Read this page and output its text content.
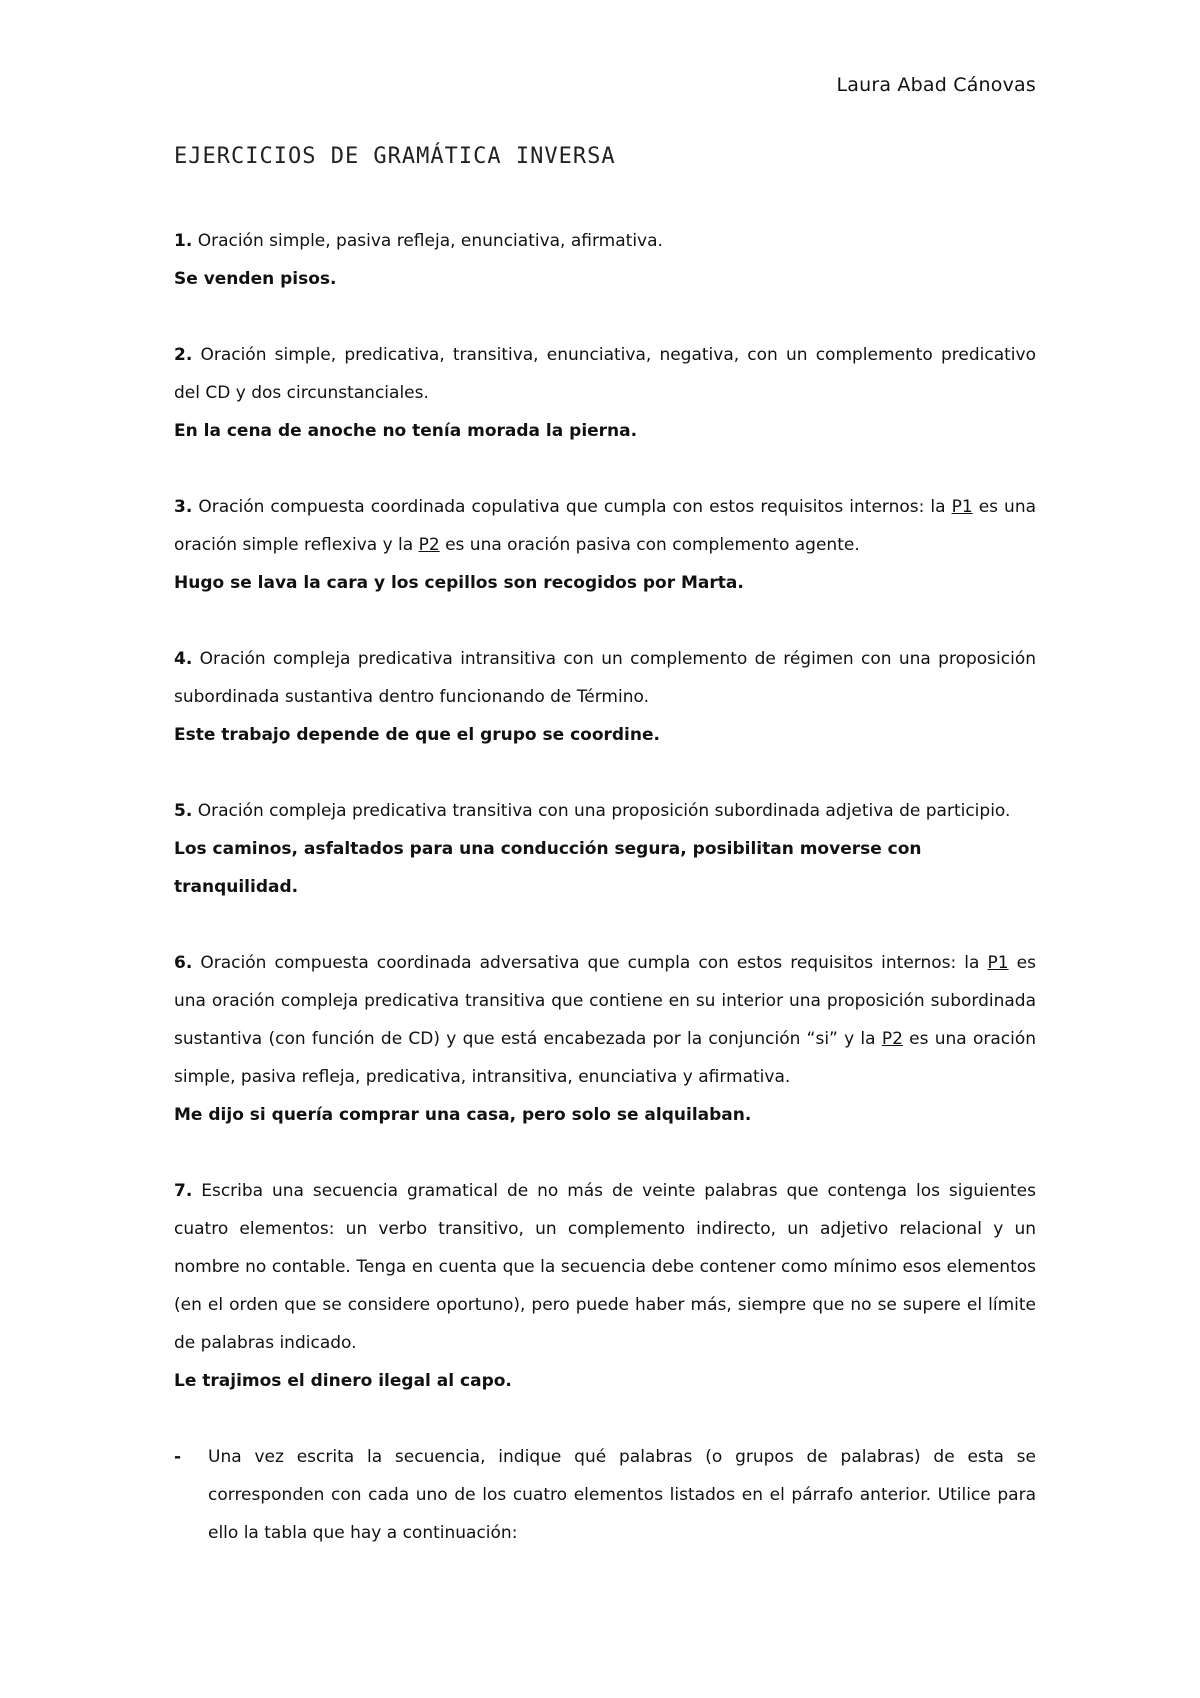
Laura Abad Cánovas
EJERCICIOS DE GRAMÁTICA INVERSA

1. Oración simple, pasiva refleja, enunciativa, afirmativa.

Se venden pisos.

2. Oración simple, predicativa, transitiva, enunciativa, negativa, con un complemento predicativo del CD y dos circunstanciales.

En la cena de anoche no tenía morada la pierna.

3. Oración compuesta coordinada copulativa que cumpla con estos requisitos internos: la P1 es una oración simple reflexiva y la P2 es una oración pasiva con complemento agente.

Hugo se lava la cara y los cepillos son recogidos por Marta.

4. Oración compleja predicativa intransitiva con un complemento de régimen con una proposición subordinada sustantiva dentro funcionando de Término.

Este trabajo depende de que el grupo se coordine.

5. Oración compleja predicativa transitiva con una proposición subordinada adjetiva de participio.

Los caminos, asfaltados para una conducción segura, posibilitan moverse con tranquilidad.

6. Oración compuesta coordinada adversativa que cumpla con estos requisitos internos: la P1 es una oración compleja predicativa transitiva que contiene en su interior una proposición subordinada sustantiva (con función de CD) y que está encabezada por la conjunción “si” y la P2 es una oración simple, pasiva refleja, predicativa, intransitiva, enunciativa y afirmativa.

Me dijo si quería comprar una casa, pero solo se alquilaban.

7. Escriba una secuencia gramatical de no más de veinte palabras que contenga los siguientes cuatro elementos: un verbo transitivo, un complemento indirecto, un adjetivo relacional y un nombre no contable. Tenga en cuenta que la secuencia debe contener como mínimo esos elementos (en el orden que se considere oportuno), pero puede haber más, siempre que no se supere el límite de palabras indicado.

Le trajimos el dinero ilegal al capo.

-	Una vez escrita la secuencia, indique qué palabras (o grupos de palabras) de esta se corresponden con cada uno de los cuatro elementos listados en el párrafo anterior. Utilice para ello la tabla que hay a continuación:
